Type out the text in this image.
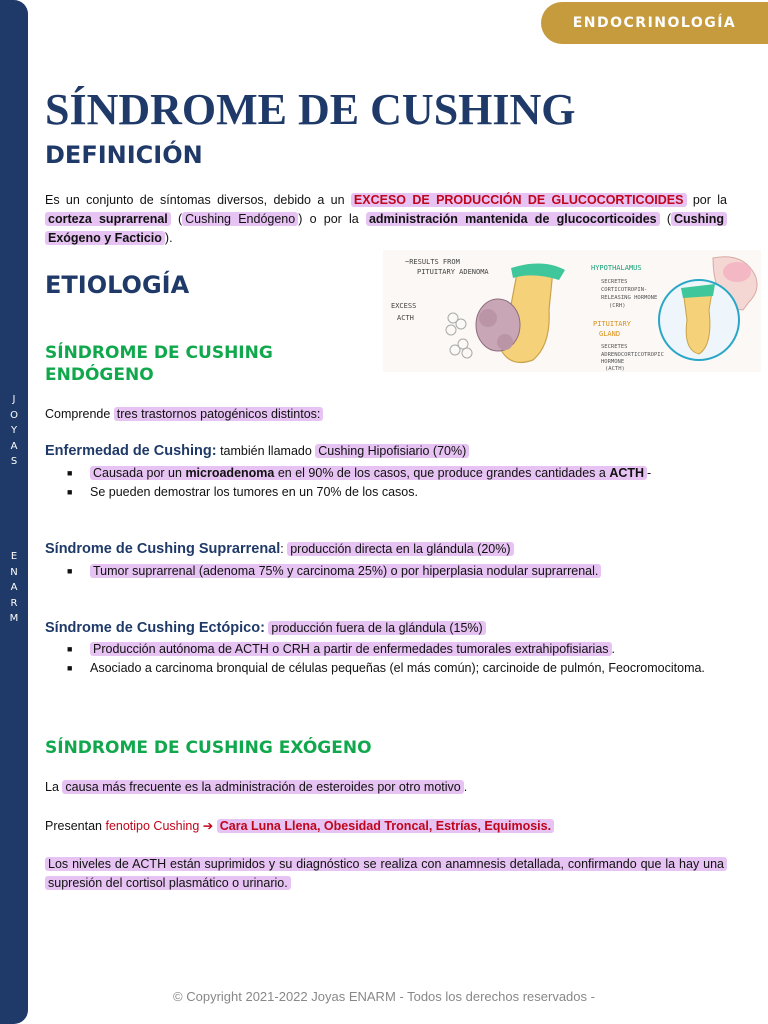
J
O
Y
A
S
E
N
A
R
M
ENDOCRINOLOGÍA
SÍNDROME DE CUSHING
DEFINICIÓN

Es un conjunto de síntomas diversos, debido a un EXCESO DE PRODUCCIÓN DE GLUCOCORTICOIDES por la corteza suprarrenal ( Cushing Endógeno ) o por la administración mantenida de glucocorticoides ( Cushing Exógeno y Facticio ).

ETIOLOGÍA
~RESULTS FROM
PITUITARY ADENOMA
EXCESS
ACTH
HYPOTHALAMUS
SECRETES
CORTICOTROPIN-
RELEASING HORMONE
(CRH)
PITUITARY
GLAND
SECRETES
ADRENOCORTICOTROPIC
HORMONE
(ACTH)
SÍNDROME DE CUSHING
ENDÓGENO

Comprende tres trastornos patogénicos distintos:

Enfermedad de Cushing: también llamado Cushing Hipofisiario (70%)
■ Causada por un microadenoma en el 90% de los casos, que produce grandes cantidades a ACTH -
■ Se pueden demostrar los tumores en un 70% de los casos.
Síndrome de Cushing Suprarrenal: producción directa en la glándula (20%)
■ Tumor suprarrenal (adenoma 75% y carcinoma 25%) o por hiperplasia nodular suprarrenal.
Síndrome de Cushing Ectópico: producción fuera de la glándula (15%)
■ Producción autónoma de ACTH o CRH a partir de enfermedades tumorales extrahipofisiarias .
■ Asociado a carcinoma bronquial de células pequeñas (el más común); carcinoide de pulmón, Feocromocitoma.
SÍNDROME DE CUSHING EXÓGENO

La causa más frecuente es la administración de esteroides por otro motivo .

Presentan fenotipo Cushing ➔ Cara Luna Llena, Obesidad Troncal, Estrías, Equimosis.

Los niveles de ACTH están suprimidos y su diagnóstico se realiza con anamnesis detallada, confirmando que la hay una supresión del cortisol plasmático o urinario.

© Copyright 2021-2022 Joyas ENARM - Todos los derechos reservados -
